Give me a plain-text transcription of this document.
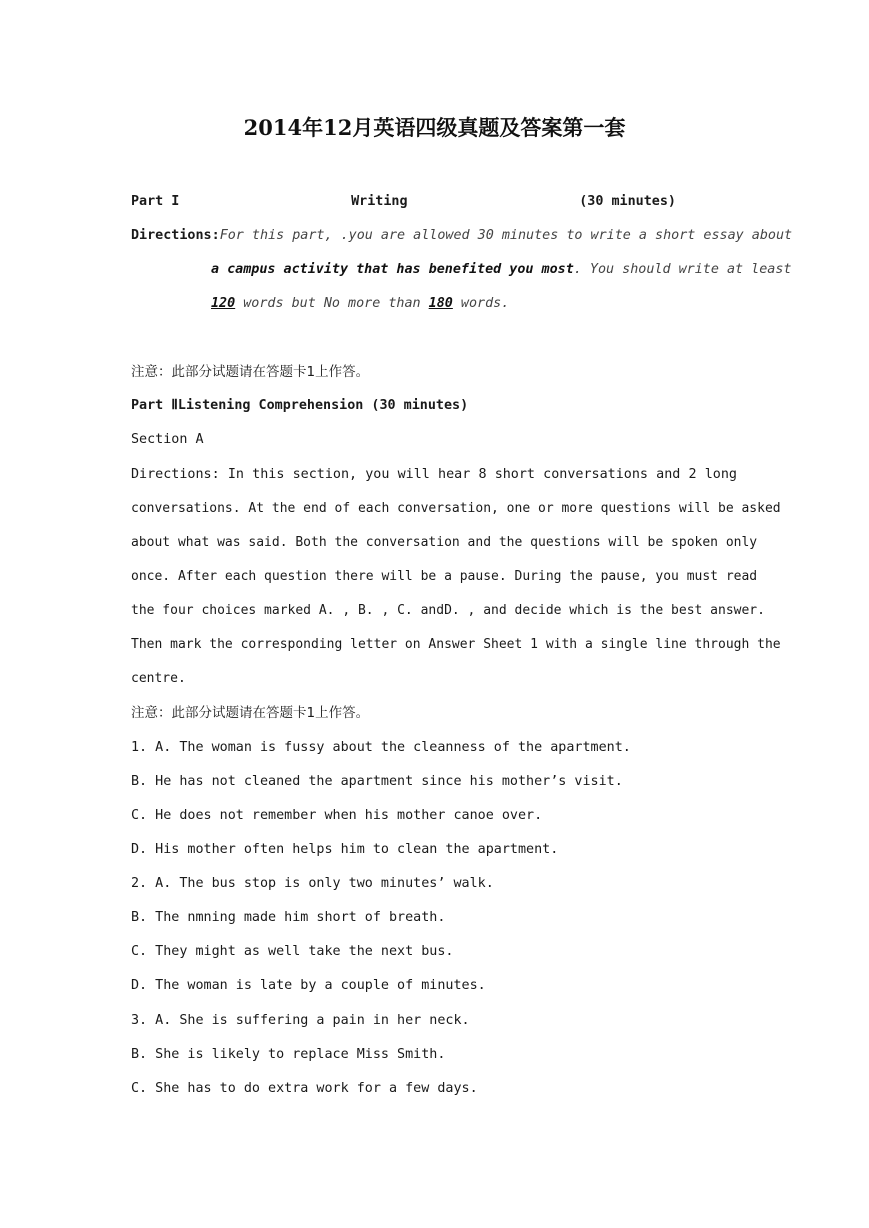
2014年12月英语四级真题及答案第一套
Part I	Writing	(30 minutes)
Directions:For this part, .you are allowed 30 minutes to write a short essay about
a campus activity that has benefited you most. You should write at least
120 words but No more than 180 words.
注意：此部分试题请在答题卡1上作答。
Part ⅡListening Comprehension (30 minutes)
Section A
Directions: In this section, you will hear 8 short conversations and 2 long
conversations. At the end of each conversation, one or more questions will be asked
about what was said. Both the conversation and the questions will be spoken only
once. After each question there will be a pause. During the pause, you must read
the four choices marked A. , B. , C. andD. , and decide which is the best answer.
Then mark the corresponding letter on Answer Sheet 1 with a single line through the
centre.
注意：此部分试题请在答题卡1上作答。
1. A. The woman is fussy about the cleanness of the apartment.
B. He has not cleaned the apartment since his mother’s visit.
C. He does not remember when his mother canoe over.
D. His mother often helps him to clean the apartment.
2. A. The bus stop is only two minutes’ walk.
B. The nmning made him short of breath.
C. They might as well take the next bus.
D. The woman is late by a couple of minutes.
3. A. She is suffering a pain in her neck.
B. She is likely to replace Miss Smith.
C. She has to do extra work for a few days.
